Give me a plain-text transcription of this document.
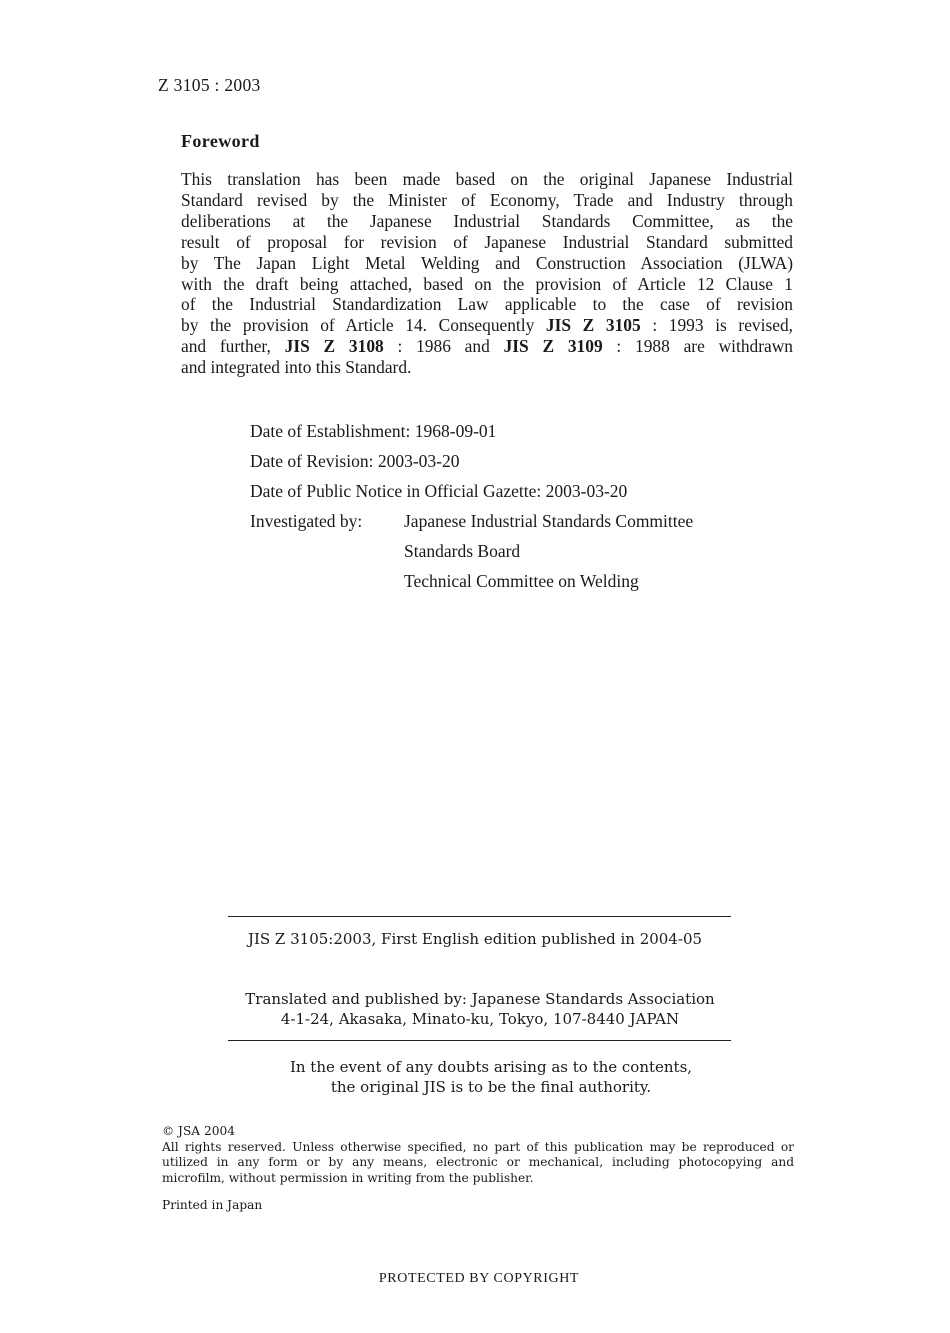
Z 3105 : 2003
Foreword
This translation has been made based on the original Japanese Industrial
Standard revised by the Minister of Economy, Trade and Industry through
deliberations at the Japanese Industrial Standards Committee, as the
result of proposal for revision of Japanese Industrial Standard submitted
by The Japan Light Metal Welding and Construction Association (JLWA)
with the draft being attached, based on the provision of Article 12 Clause 1
of the Industrial Standardization Law applicable to the case of revision
by the provision of Article 14. Consequently JIS Z 3105 : 1993 is revised,
and further, JIS Z 3108 : 1986 and JIS Z 3109 : 1988 are withdrawn
and integrated into this Standard.
Date of Establishment: 1968-09-01
Date of Revision: 2003-03-20
Date of Public Notice in Official Gazette: 2003-03-20
Investigated by: Japanese Industrial Standards Committee
Standards Board
Technical Committee on Welding
JIS Z 3105:2003, First English edition published in 2004-05
Translated and published by: Japanese Standards Association
4-1-24, Akasaka, Minato-ku, Tokyo, 107-8440 JAPAN
In the event of any doubts arising as to the contents,
the original JIS is to be the final authority.
© JSA 2004
All rights reserved. Unless otherwise specified, no part of this publication may be reproduced or
utilized in any form or by any means, electronic or mechanical, including photocopying and
microfilm, without permission in writing from the publisher.
Printed in Japan
PROTECTED BY COPYRIGHT
